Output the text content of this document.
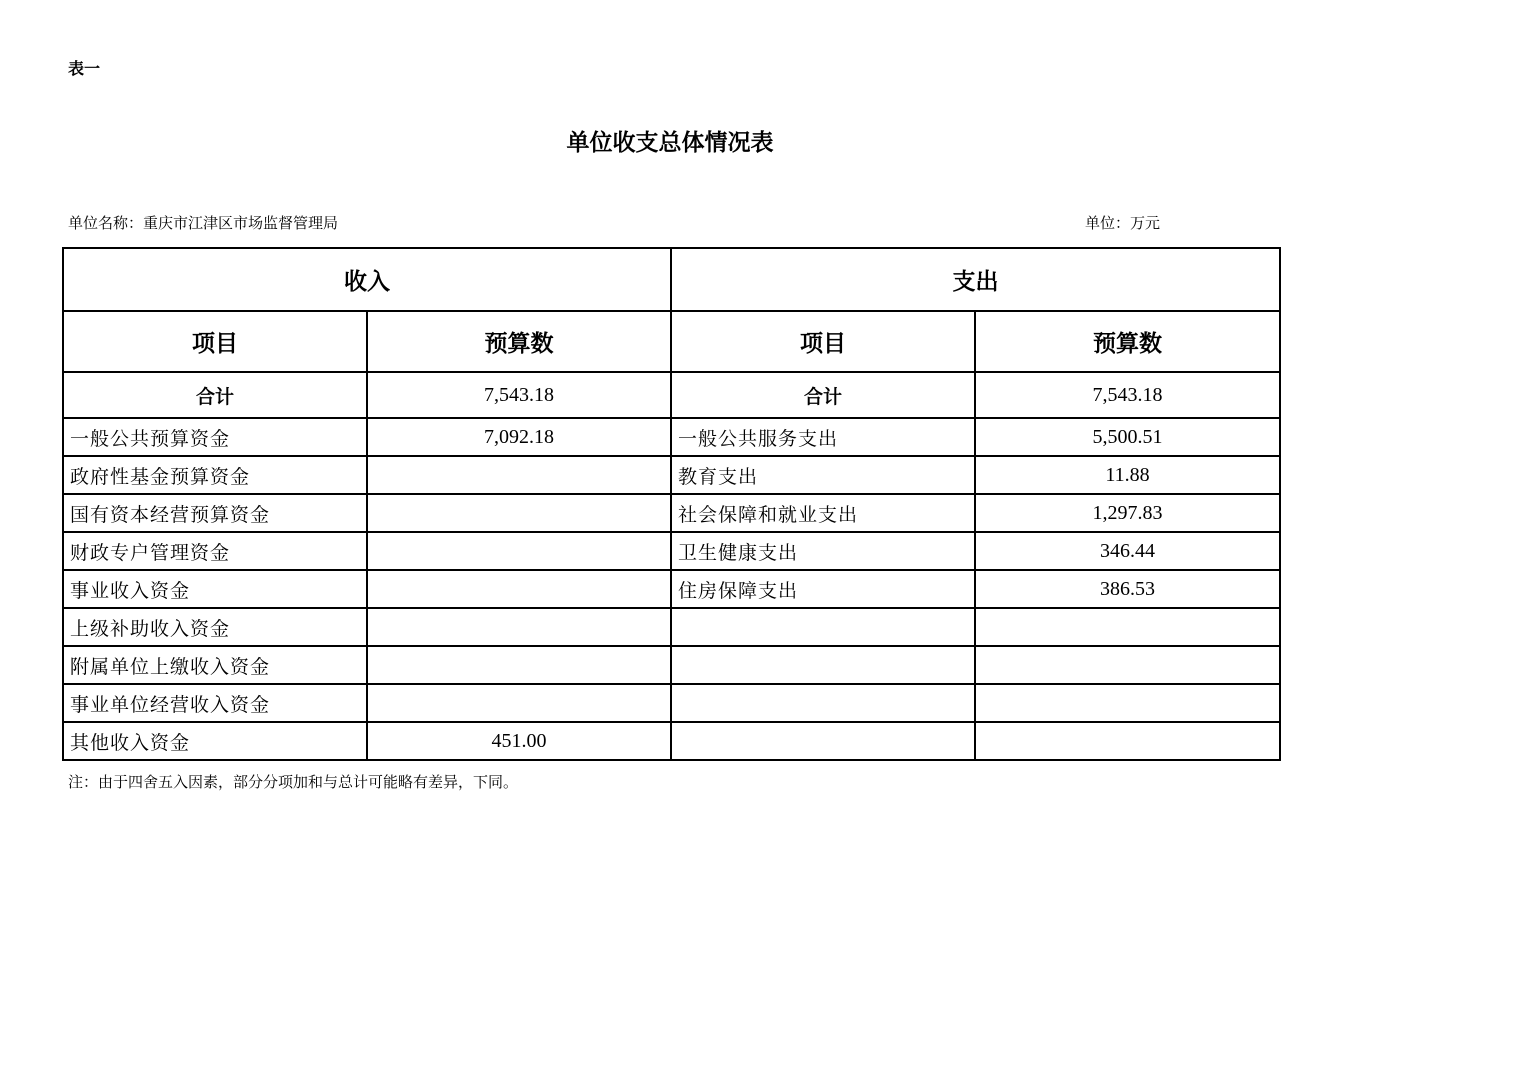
表一
单位收支总体情况表
单位名称：重庆市江津区市场监督管理局	单位：万元
收入		支出	
项目	预算数	项目	预算数
合计	7,543.18	合计	7,543.18
一般公共预算资金	7,092.18	一般公共服务支出	5,500.51
政府性基金预算资金		教育支出	11.88
国有资本经营预算资金		社会保障和就业支出	1,297.83
财政专户管理资金		卫生健康支出	346.44
事业收入资金		住房保障支出	386.53
上级补助收入资金			
附属单位上缴收入资金			
事业单位经营收入资金			
其他收入资金	451.00		
注：由于四舍五入因素，部分分项加和与总计可能略有差异，下同。
